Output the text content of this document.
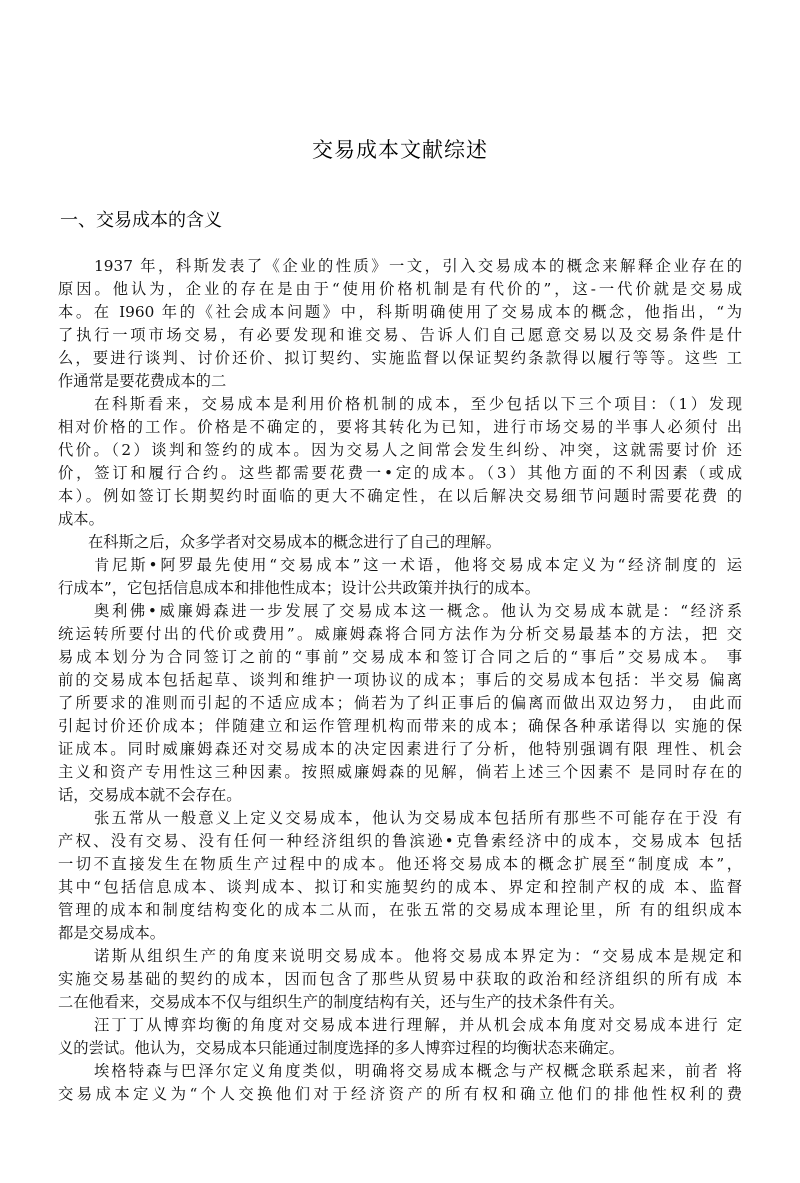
交易成本文献综述
一、交易成本的含义
1937 年，科斯发表了《企业的性质》一文，引入交易成本的概念来解释企业存在的
原因。他认为，企业的存在是由于“使用价格机制是有代价的”，这-一代价就是交易成
本。在 I960 年的《社会成本问题》中，科斯明确使用了交易成本的概念，他指出，“为
了执行一项市场交易，有必要发现和谁交易、告诉人们自己愿意交易以及交易条件是什
么，要进行谈判、讨价还价、拟订契约、实施监督以保证契约条款得以履行等等。这些 工
作通常是要花费成本的二
在科斯看来，交易成本是利用价格机制的成本，至少包括以下三个项目：（1）发现
相对价格的工作。价格是不确定的，要将其转化为已知，进行市场交易的半事人必须付 出
代价。（2）谈判和签约的成本。因为交易人之间常会发生纠纷、冲突，这就需要讨价 还
价，签订和履行合约。这些都需要花费一•定的成本。（3）其他方面的不利因素（或成
本）。例如签订长期契约时面临的更大不确定性，在以后解决交易细节问题时需要花费 的
成本。
在科斯之后，众多学者对交易成本的概念进行了自己的理解。
肯尼斯•阿罗最先使用“交易成本”这一术语，他将交易成本定义为“经济制度的 运
行成本”，它包括信息成本和排他性成本；设计公共政策并执行的成本。
奥利佛•威廉姆森进一步发展了交易成本这一概念。他认为交易成本就是：“经济系
统运转所要付出的代价或费用”。威廉姆森将合同方法作为分析交易最基本的方法，把 交
易成本划分为合同签订之前的“事前”交易成本和签订合同之后的“事后”交易成本。 事
前的交易成本包括起草、谈判和维护一项协议的成本；事后的交易成本包括：半交易 偏离
了所要求的准则而引起的不适应成本；倘若为了纠正事后的偏离而做出双边努力， 由此而
引起讨价还价成本；伴随建立和运作管理机构而带来的成本；确保各种承诺得以 实施的保
证成本。同时威廉姆森还对交易成本的决定因素进行了分析，他特别强调有限 理性、机会
主义和资产专用性这三种因素。按照威廉姆森的见解，倘若上述三个因素不 是同时存在的
话，交易成本就不会存在。
张五常从一般意义上定义交易成本，他认为交易成本包括所有那些不可能存在于没 有
产权、没有交易、没有任何一种经济组织的鲁滨逊•克鲁索经济中的成本，交易成本 包括
一切不直接发生在物质生产过程中的成本。他还将交易成本的概念扩展至“制度成 本”，
其中“包括信息成本、谈判成本、拟订和实施契约的成本、界定和控制产权的成 本、监督
管理的成本和制度结构变化的成本二从而，在张五常的交易成本理论里，所 有的组织成本
都是交易成本。
诺斯从组织生产的角度来说明交易成本。他将交易成本界定为：“交易成本是规定和
实施交易基础的契约的成本，因而包含了那些从贸易中获取的政治和经济组织的所有成 本
二在他看来，交易成本不仅与组织生产的制度结构有关，还与生产的技术条件有关。
汪丁丁从博弈均衡的角度对交易成本进行理解，并从机会成本角度对交易成本进行 定
义的尝试。他认为，交易成本只能通过制度选择的多人博弈过程的均衡状态来确定。
埃格特森与巴泽尔定义角度类似，明确将交易成本概念与产权概念联系起来，前者 将
交易成本定义为“个人交换他们对于经济资产的所有权和确立他们的排他性权利的费
